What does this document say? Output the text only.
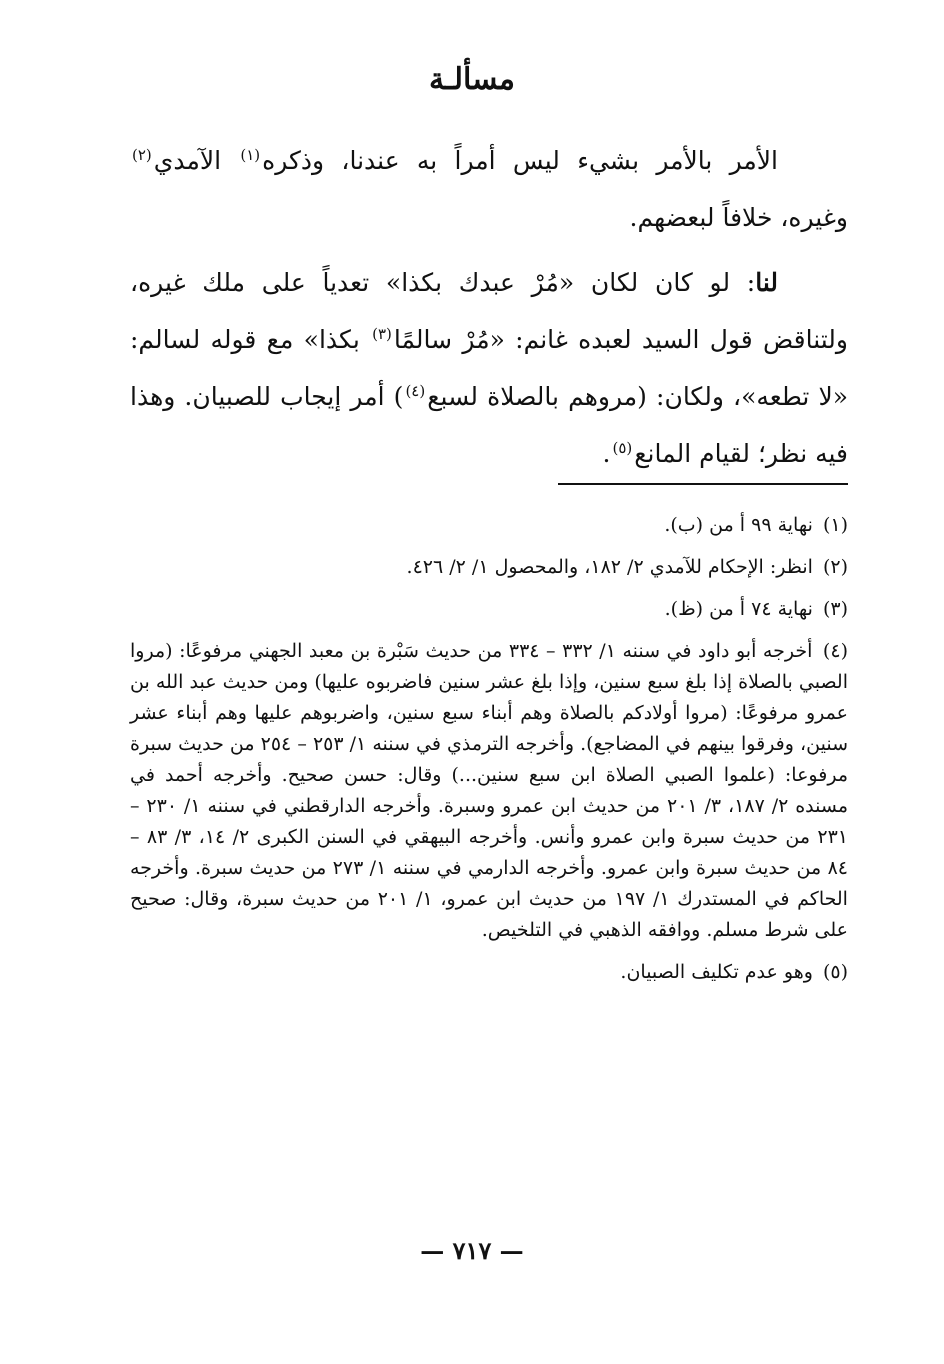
مسألـة

الأمر بالأمر بشيء ليس أمراً به عندنا، وذكره$^{(١)}$ الآمدي$^{(٢)}$ وغيره، خلافاً لبعضهم.

لنا: لو كان لكان «مُرْ عبدك بكذا» تعدياً على ملك غيره، ولتناقض قول السيد لعبده غانم: «مُرْ سالمًا$^{(٣)}$ بكذا» مع قوله لسالم: «لا تطعه»، ولكان: (مروهم بالصلاة لسبع$^{(٤)}$) أمر إيجاب للصبيان. وهذا فيه نظر؛ لقيام المانع$^{(٥)}$.

(١) نهاية ٩٩ أ من (ب).
(٢) انظر: الإحكام للآمدي ٢/ ١٨٢، والمحصول ١/ ٢/ ٤٢٦.
(٣) نهاية ٧٤ أ من (ظ).
(٤) أخرجه أبو داود في سننه ١/ ٣٣٢ – ٣٣٤ من حديث سَبْرة بن معبد الجهني مرفوعًا: (مروا الصبي بالصلاة إذا بلغ سبع سنين، وإذا بلغ عشر سنين فاضربوه عليها) ومن حديث عبد الله بن عمرو مرفوعًا: (مروا أولادكم بالصلاة وهم أبناء سبع سنين، واضربوهم عليها وهم أبناء عشر سنين، وفرقوا بينهم في المضاجع). وأخرجه الترمذي في سننه ١/ ٢٥٣ – ٢٥٤ من حديث سبرة مرفوعا: (علموا الصبي الصلاة ابن سبع سنين...) وقال: حسن صحيح. وأخرجه أحمد في مسنده ٢/ ١٨٧، ٣/ ٢٠١ من حديث ابن عمرو وسبرة. وأخرجه الدارقطني في سننه ١/ ٢٣٠ – ٢٣١ من حديث سبرة وابن عمرو وأنس. وأخرجه البيهقي في السنن الكبرى ٢/ ١٤، ٣/ ٨٣ – ٨٤ من حديث سبرة وابن عمرو. وأخرجه الدارمي في سننه ١/ ٢٧٣ من حديث سبرة. وأخرجه الحاكم في المستدرك ١/ ١٩٧ من حديث ابن عمرو، ١/ ٢٠١ من حديث سبرة، وقال: صحيح على شرط مسلم. ووافقه الذهبي في التلخيص.
(٥) وهو عدم تكليف الصبيان.
— ٧١٧ —
